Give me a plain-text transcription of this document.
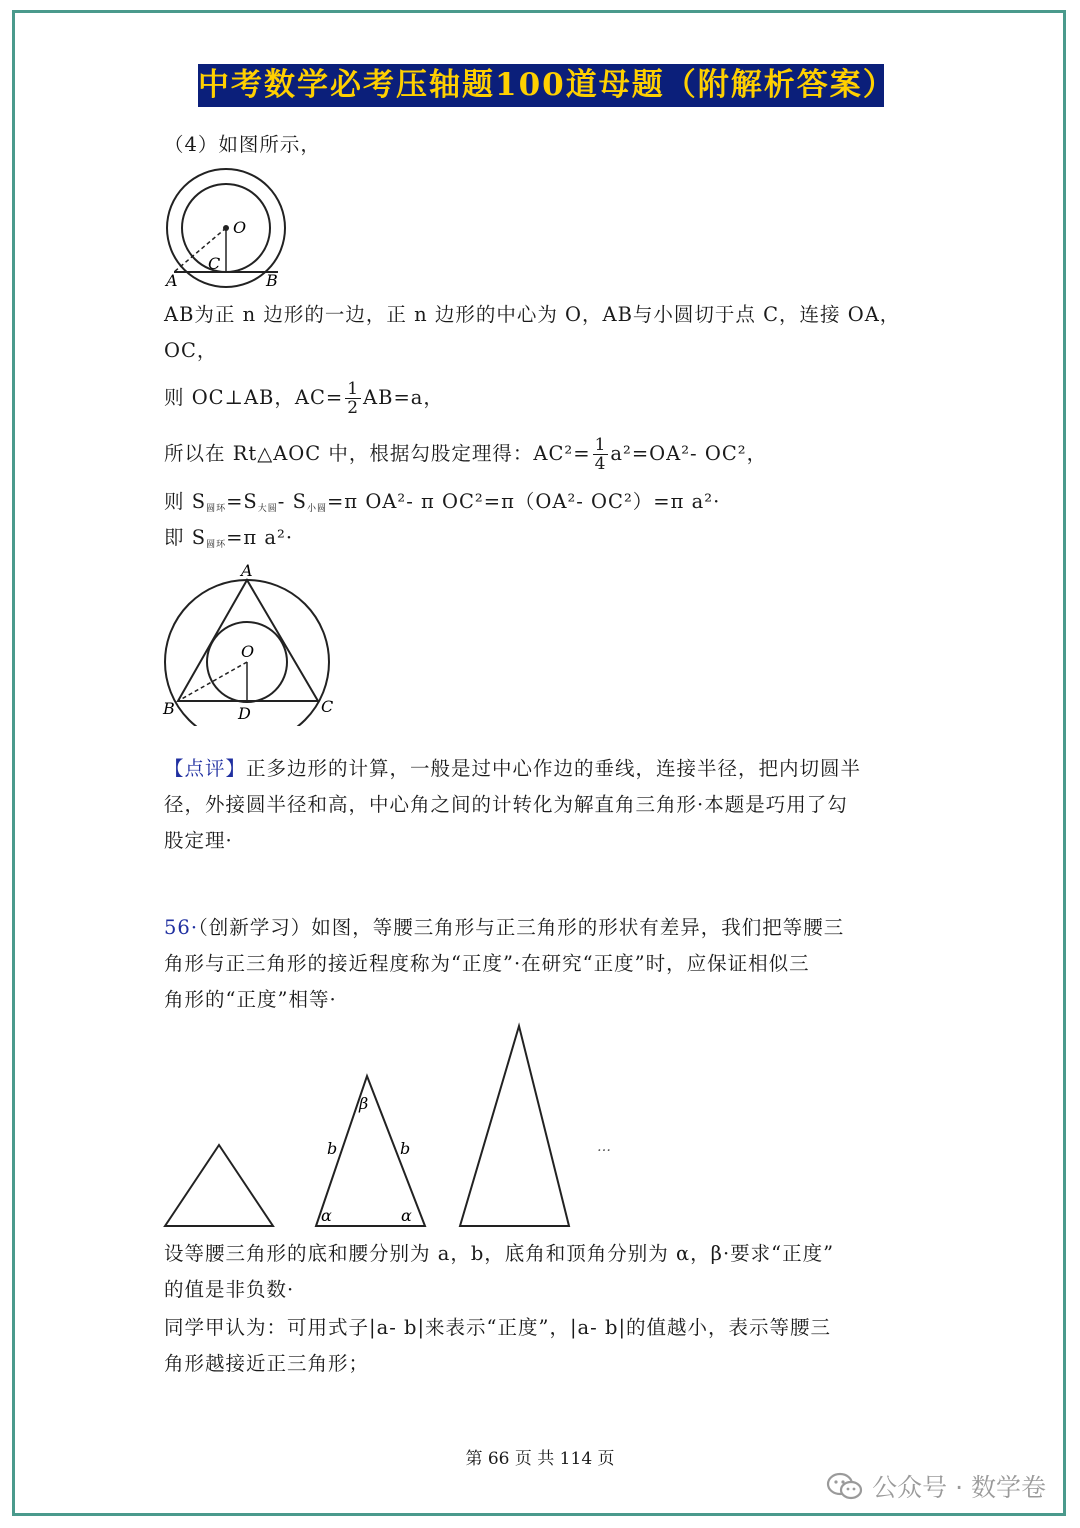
中考数学必考压轴题100道母题（附解析答案）
（4）如图所示，
O
C
A	B
AB为正 n 边形的一边，正 n 边形的中心为 O，AB与小圆切于点 C，连接 OA，
OC，
则 OC⊥AB，$AC= \frac{1}{2} AB=a$，
所以在 Rt△AOC 中，根据勾股定理得：$AC^2= \frac{1}{4} a^2=OA^2-$ OC²，
则 $S_{圆环}=S_{大圆}-$ $S_{小圆}=\pi$ OA²- π OC²=π（OA²- OC²）=π a²·
即 $S_{圆环}=\pi$ a²·
A
O
B	D	C
【点评】正多边形的计算，一般是过中心作边的垂线，连接半径，把内切圆半
径，外接圆半径和高，中心角之间的计转化为解直角三角形·本题是巧用了勾
股定理·
56·（创新学习）如图，等腰三角形与正三角形的形状有差异，我们把等腰三
角形与正三角形的接近程度称为“正度”·在研究“正度”时，应保证相似三
角形的“正度”相等·
β
b	b
α	α
…
设等腰三角形的底和腰分别为 a，b，底角和顶角分别为 α，β·要求“正度”
的值是非负数·
同学甲认为：可用式子|a- b|来表示“正度”，|a- b|的值越小，表示等腰三
角形越接近正三角形；
第 66 页 共 114 页
公众号 · 数学卷
